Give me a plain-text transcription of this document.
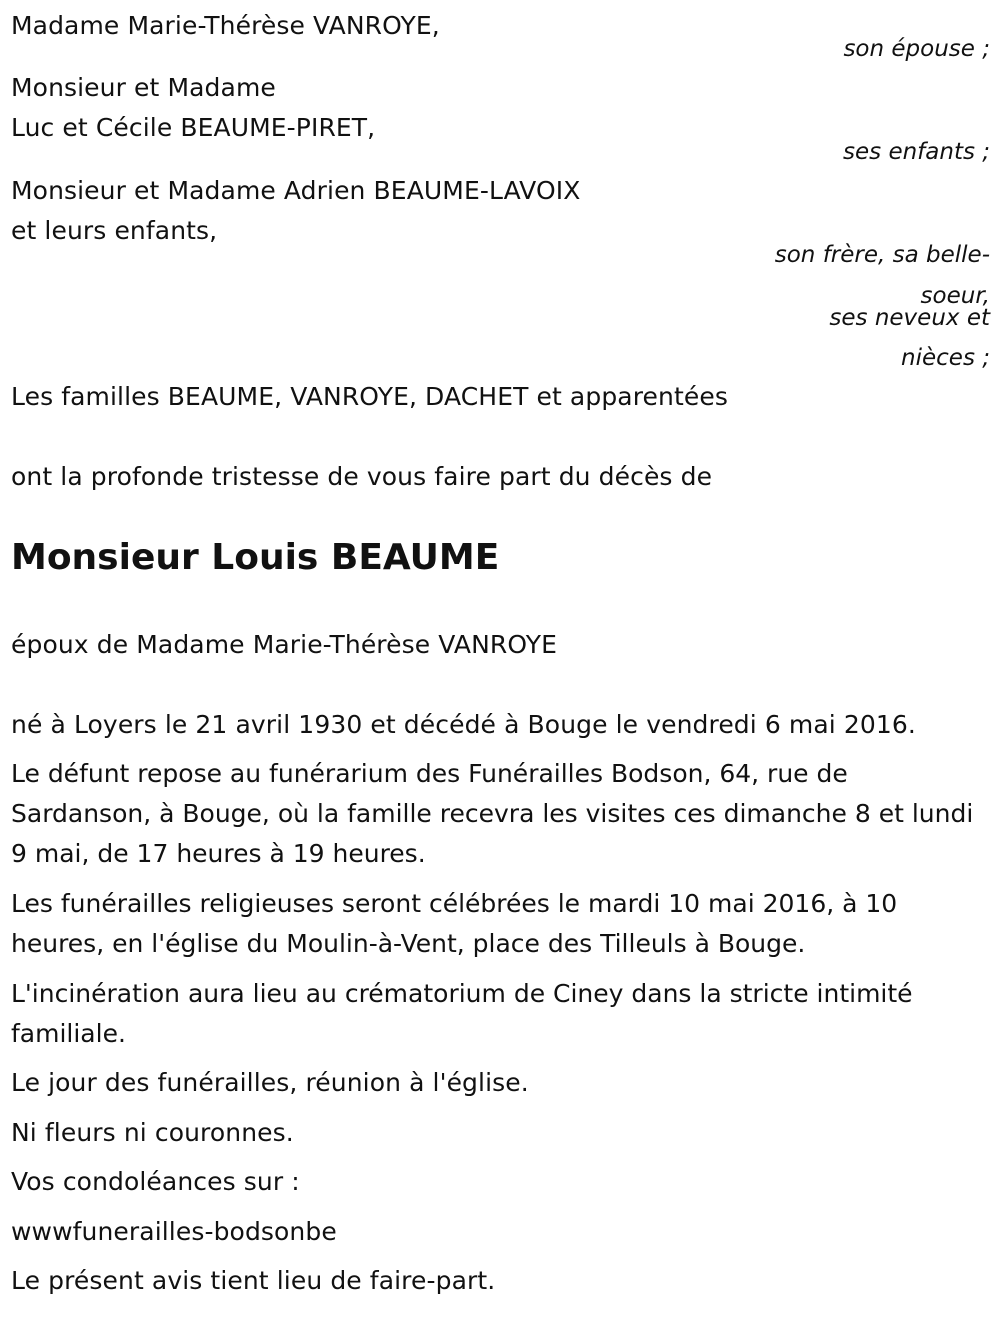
Madame Marie-Thérèse VANROYE,
son épouse ;
Monsieur et Madame
Luc et Cécile BEAUME-PIRET,
ses enfants ;
Monsieur et Madame Adrien BEAUME-LAVOIX
et leurs enfants,
son frère, sa belle-
soeur,
ses neveux et
nièces ;
Les familles BEAUME, VANROYE, DACHET et apparentées
ont la profonde tristesse de vous faire part du décès de
Monsieur Louis BEAUME
époux de Madame Marie-Thérèse VANROYE
né à Loyers le 21 avril 1930 et décédé à Bouge le vendredi 6 mai 2016.
Le défunt repose au funérarium des Funérailles Bodson, 64, rue de Sardanson, à Bouge, où la famille recevra les visites ces dimanche 8 et lundi 9 mai, de 17 heures à 19 heures.
Les funérailles religieuses seront célébrées le mardi 10 mai 2016, à 10 heures, en l'église du Moulin-à-Vent, place des Tilleuls à Bouge.
L'incinération aura lieu au crématorium de Ciney dans la stricte intimité familiale.
Le jour des funérailles, réunion à l'église.
Ni fleurs ni couronnes.
Vos condoléances sur :
wwwfunerailles-bodsonbe
Le présent avis tient lieu de faire-part.
